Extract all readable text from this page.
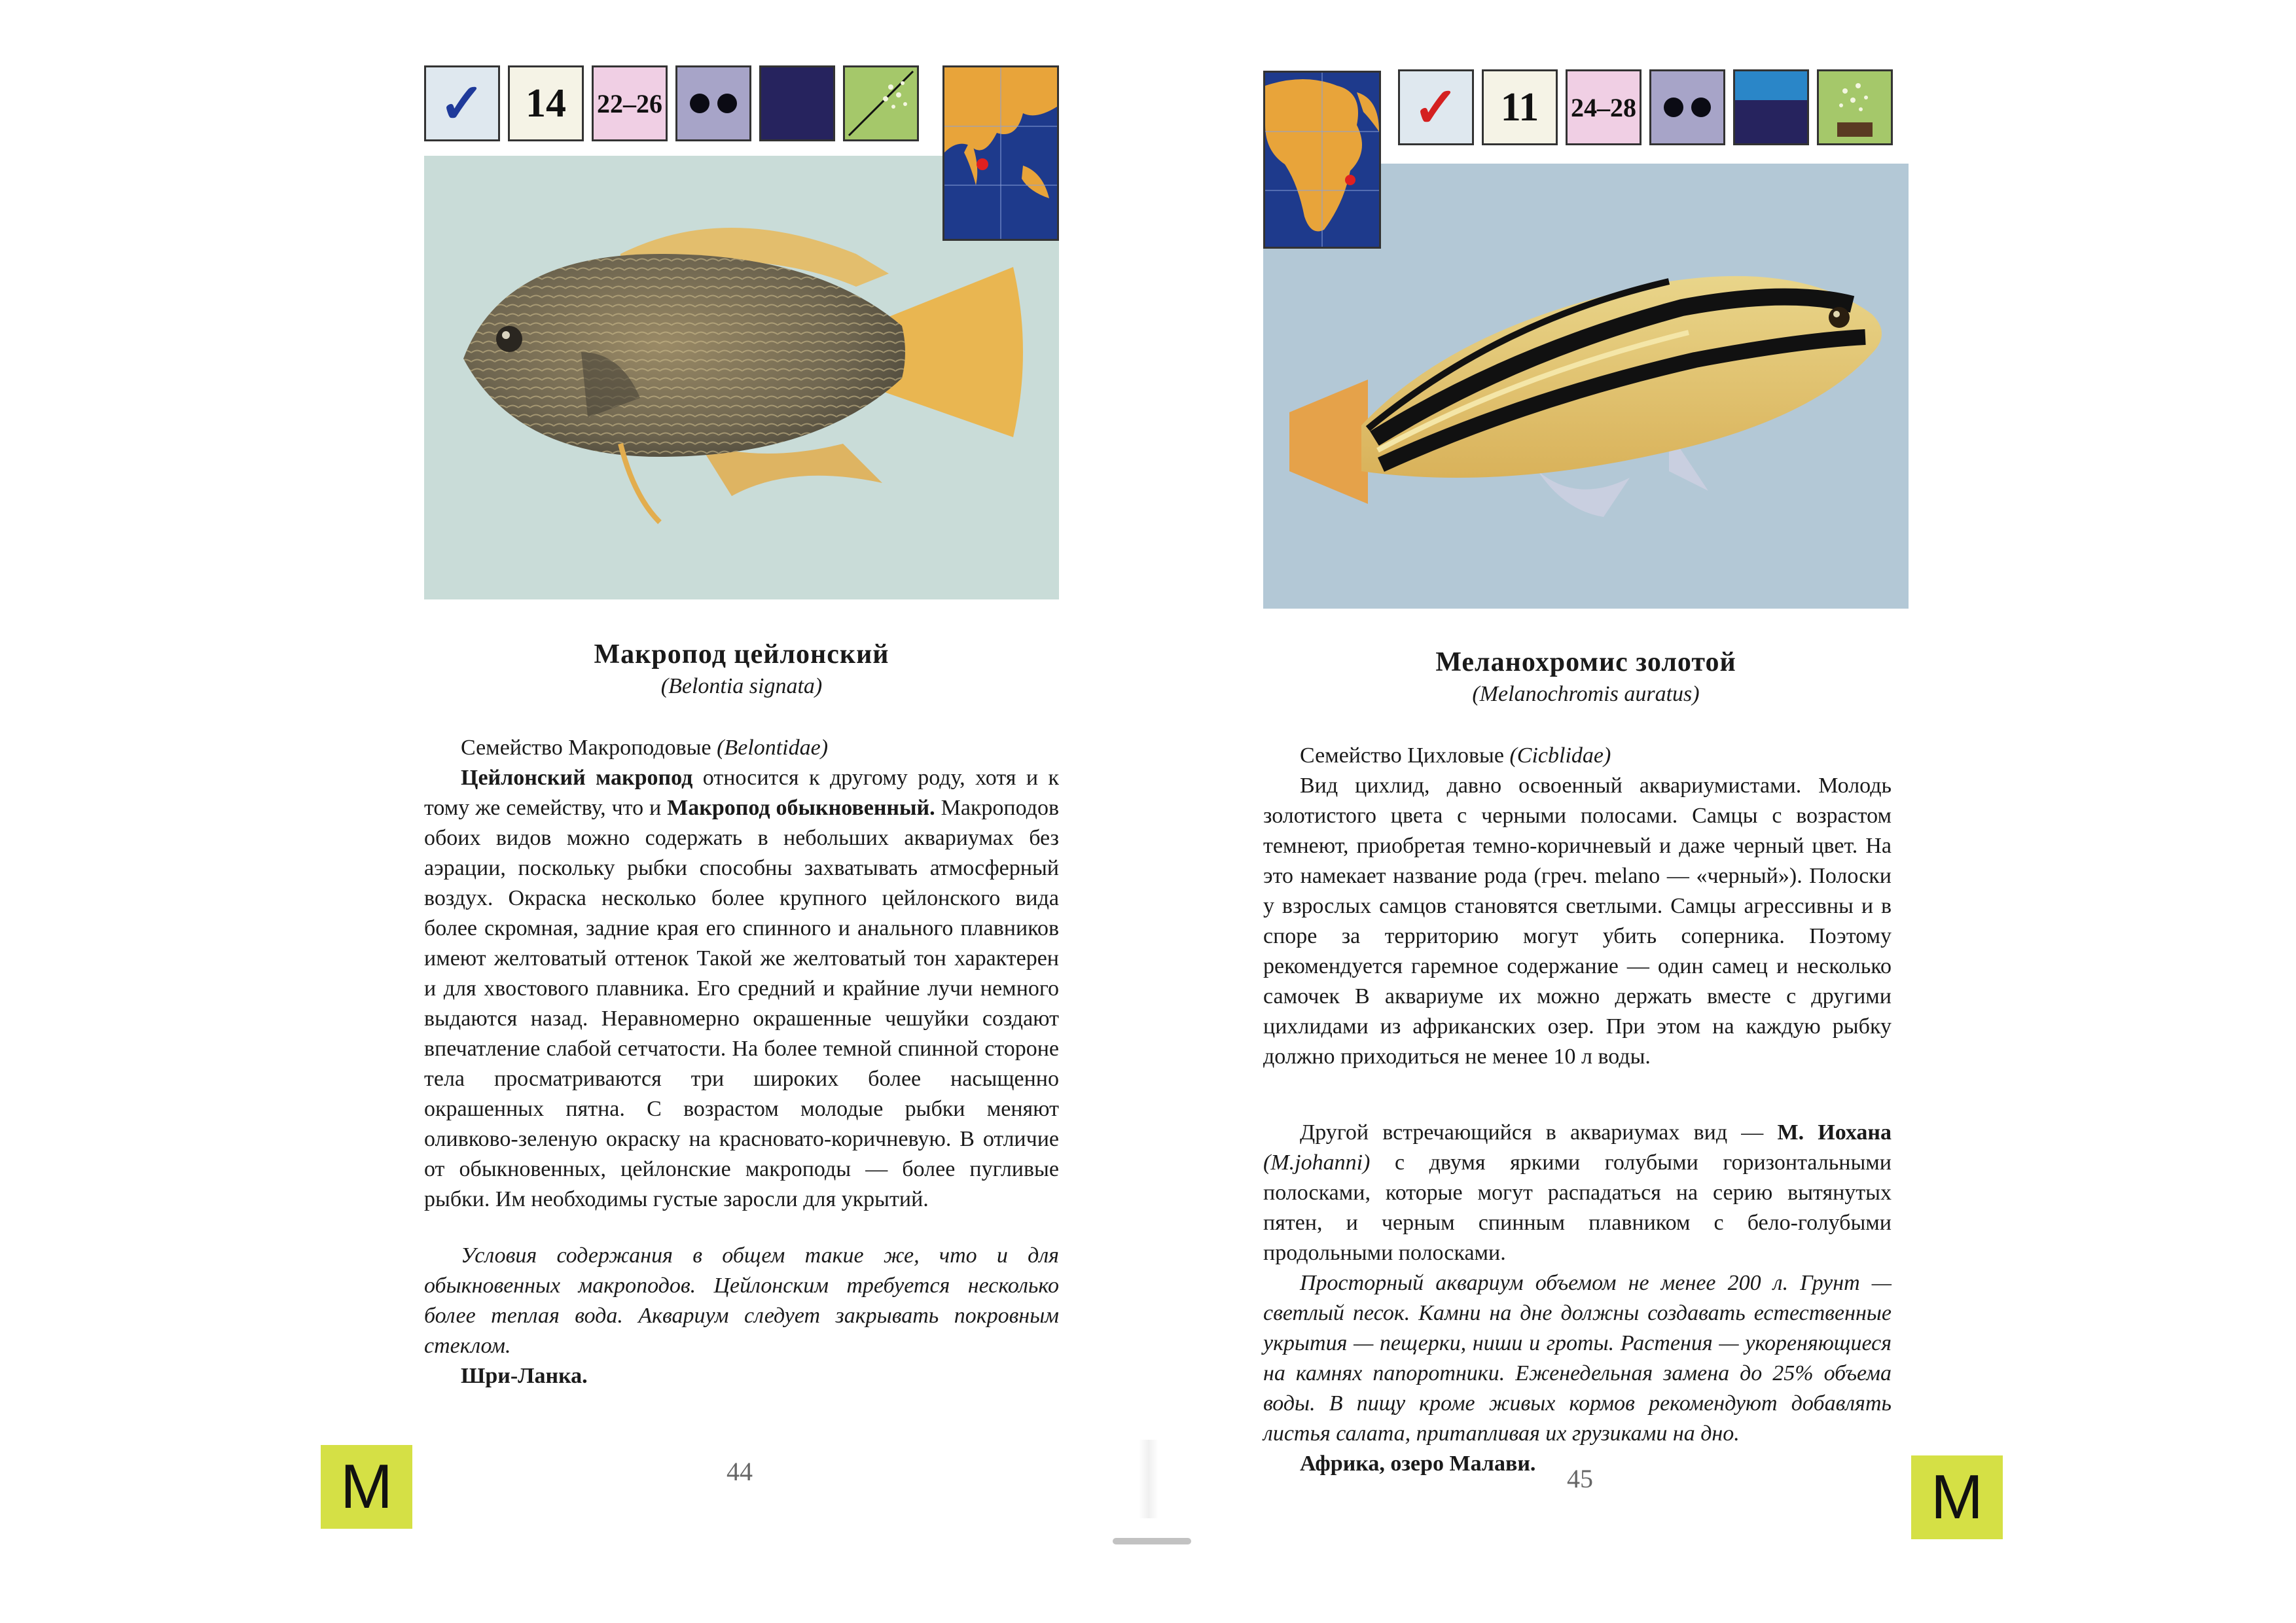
✓ 14	22–26
Макропод цейлонский
(Belontia signata)

Семейство Макроподовые (Belontidae)

Цейлонский макропод относится к другому роду, хотя и к тому же семейству, что и Макропод обыкновенный. Макроподов обоих видов можно содержать в небольших аквариумах без аэрации, поскольку рыбки способны захватывать атмосферный воздух. Окраска несколько более крупного цейлонского вида более скромная, задние края его спинного и анального плавников имеют желтоватый оттенок Такой же желтоватый тон характерен и для хвостового плавника. Его средний и крайние лучи немного выдаются назад. Неравномерно окрашенные чешуйки создают впечатление слабой сетчатости. На более темной спинной стороне тела просматриваются три широких более насыщенно окрашенных пятна. С возрастом молодые рыбки меняют оливково-зеленую окраску на красновато-коричневую. В отличие от обыкновенных, цейлонские макроподы — более пугливые рыбки. Им необходимы густые заросли для укрытий.

Условия содержания в общем такие же, что и для обыкновенных макроподов. Цейлонским требуется несколько более теплая вода. Аквариум следует закрывать покровным стеклом.

Шри-Ланка.

44
M
✓	11	24–28
Меланохромис золотой
(Melanochromis auratus)

Семейство Цихловые (Cicblidae)

Вид цихлид, давно освоенный аквариумистами. Молодь золотистого цвета с черными полосами. Самцы с возрастом темнеют, приобретая темно-коричневый и даже черный цвет. На это намекает название рода (греч. melano — «черный»). Полоски у взрослых самцов становятся светлыми. Самцы агрессивны и в споре за территорию могут убить соперника. Поэтому рекомендуется гаремное содержание — один самец и несколько самочек В аквариуме их можно держать вместе с другими цихлидами из африканских озер. При этом на каждую рыбку должно приходиться не менее 10 л воды.

Другой встречающийся в аквариумах вид — М. Иохана (M.johanni) с двумя яркими голубыми горизонтальными полосками, которые могут распадаться на серию вытянутых пятен, и черным спинным плавником с бело-голубыми продольными полосками.

Просторный аквариум объемом не менее 200 л. Грунт — светлый песок. Камни на дне должны создавать естественные укрытия — пещерки, ниши и гроты. Растения — укореняющиеся на камнях папоротники. Еженедельная замена до 25% объема воды. В пищу кроме живых кормов рекомендуют добавлять листья салата, притапливая их грузиками на дно.

Африка, озеро Малави.

45	M
